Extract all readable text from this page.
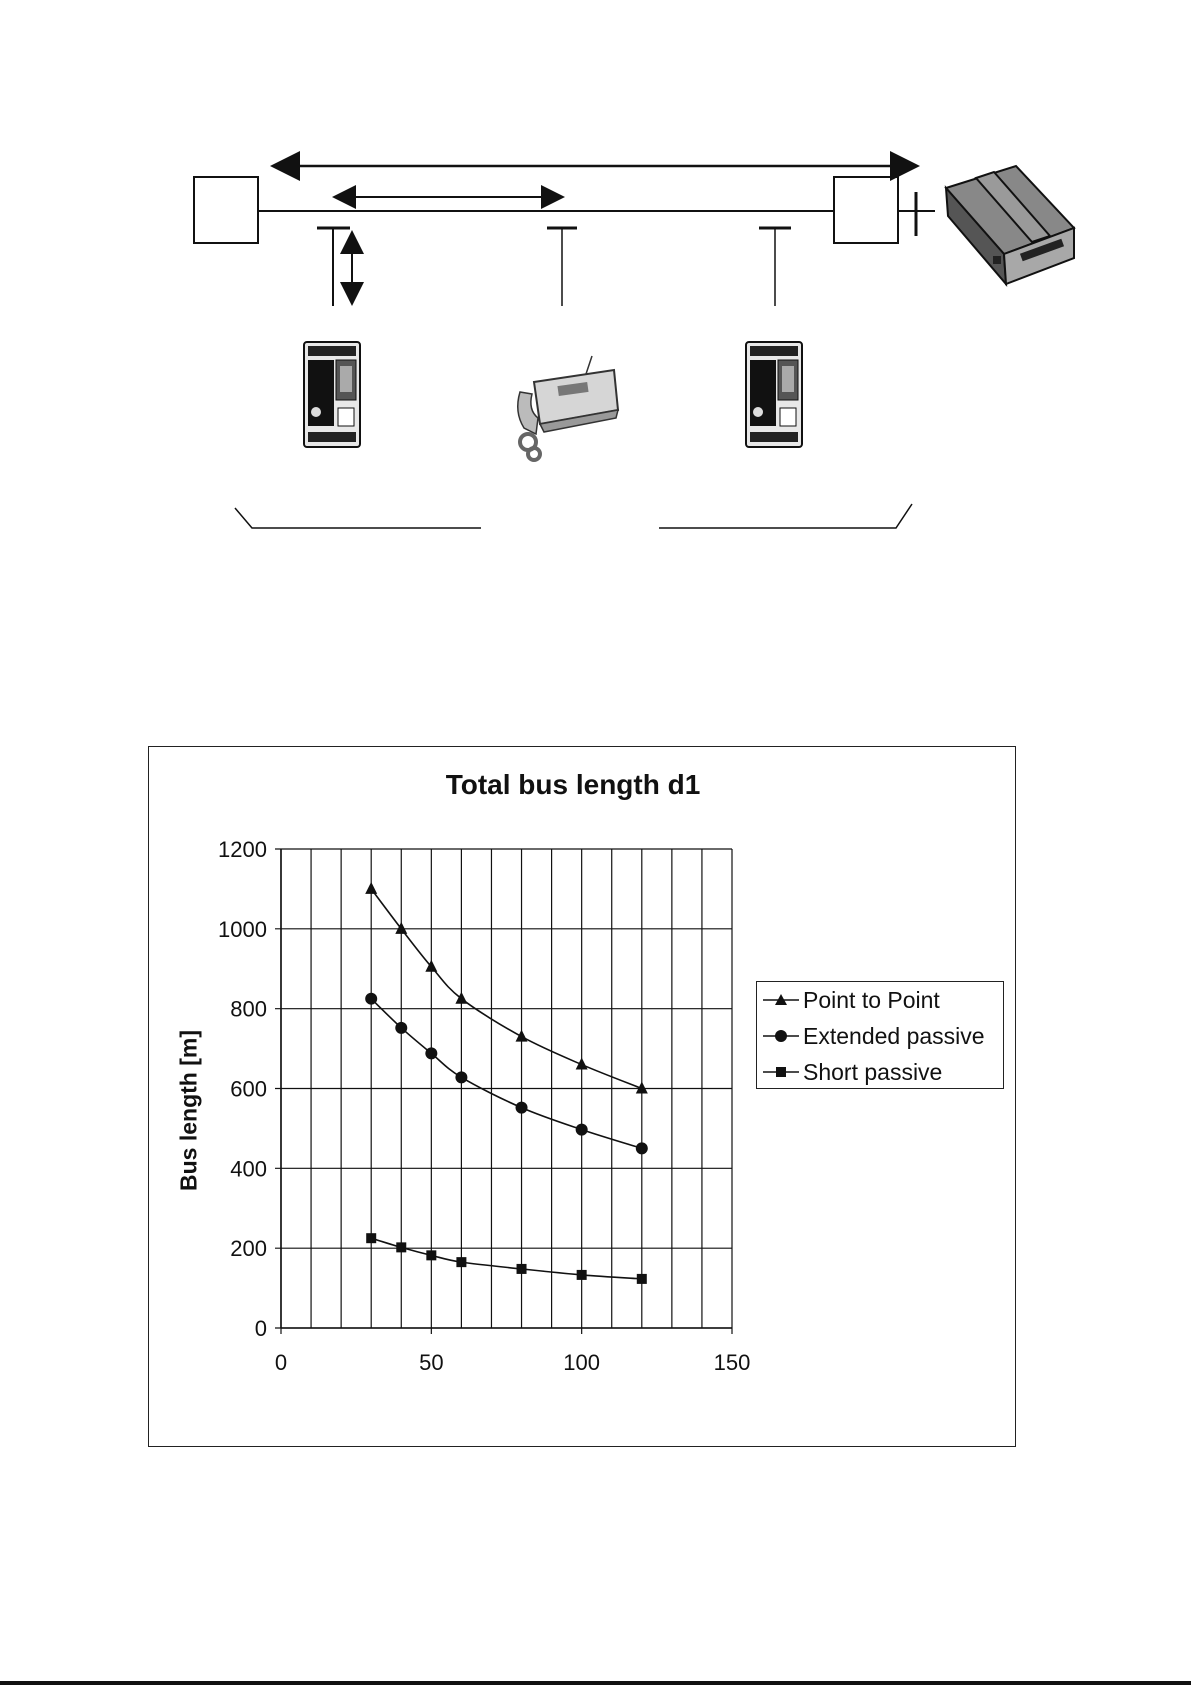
Total bus length d1
Bus length [m]
0
200
400
600
800
1000
1200
0	50	100	150
Point to Point
Extended passive
Short passive
